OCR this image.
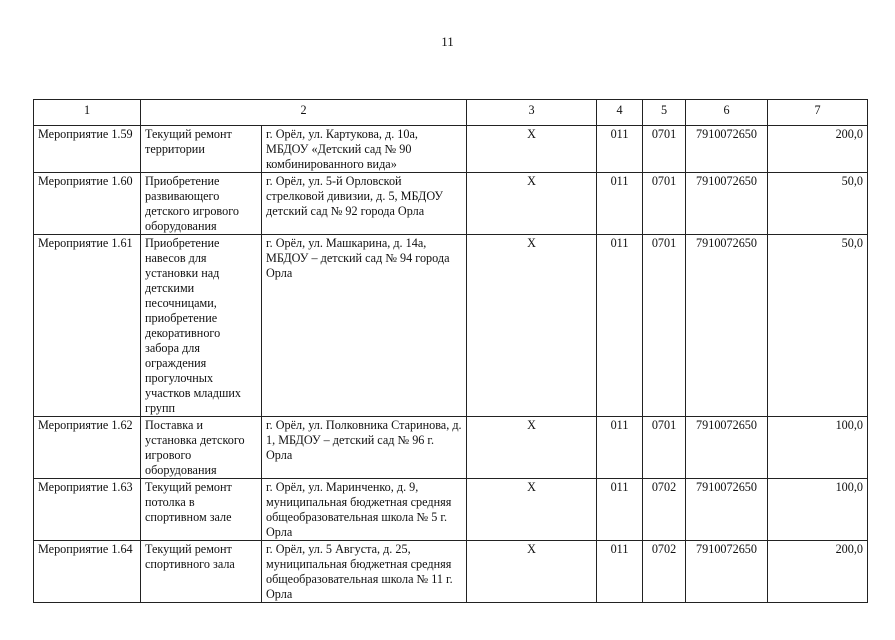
11
1	2		3	4	5	6	7
Мероприятие 1.59	Текущий ремонт территории	г. Орёл, ул. Картукова, д. 10а, МБДОУ «Детский сад № 90 комбинированного вида»	Х	011	0701	7910072650	200,0
Мероприятие 1.60	Приобретение развивающего детского игрового оборудования	г. Орёл, ул. 5-й Орловской стрелковой дивизии, д. 5, МБДОУ детский сад № 92 города Орла	Х	011	0701	7910072650	50,0
Мероприятие 1.61	Приобретение навесов для установки над детскими песочницами, приобретение декоративного забора для ограждения прогулочных участков младших групп	г. Орёл, ул. Машкарина, д. 14а, МБДОУ – детский сад № 94 города Орла	Х	011	0701	7910072650	50,0
Мероприятие 1.62	Поставка и установка детского игрового оборудования	г. Орёл, ул. Полковника Старинова, д. 1, МБДОУ – детский сад № 96 г. Орла	Х	011	0701	7910072650	100,0
Мероприятие 1.63	Текущий ремонт потолка в спортивном зале	г. Орёл, ул. Маринченко, д. 9, муниципальная бюджетная средняя общеобразовательная школа № 5 г. Орла	Х	011	0702	7910072650	100,0
Мероприятие 1.64	Текущий ремонт спортивного зала	г. Орёл, ул. 5 Августа, д. 25, муниципальная бюджетная средняя общеобразовательная школа № 11 г. Орла	Х	011	0702	7910072650	200,0
